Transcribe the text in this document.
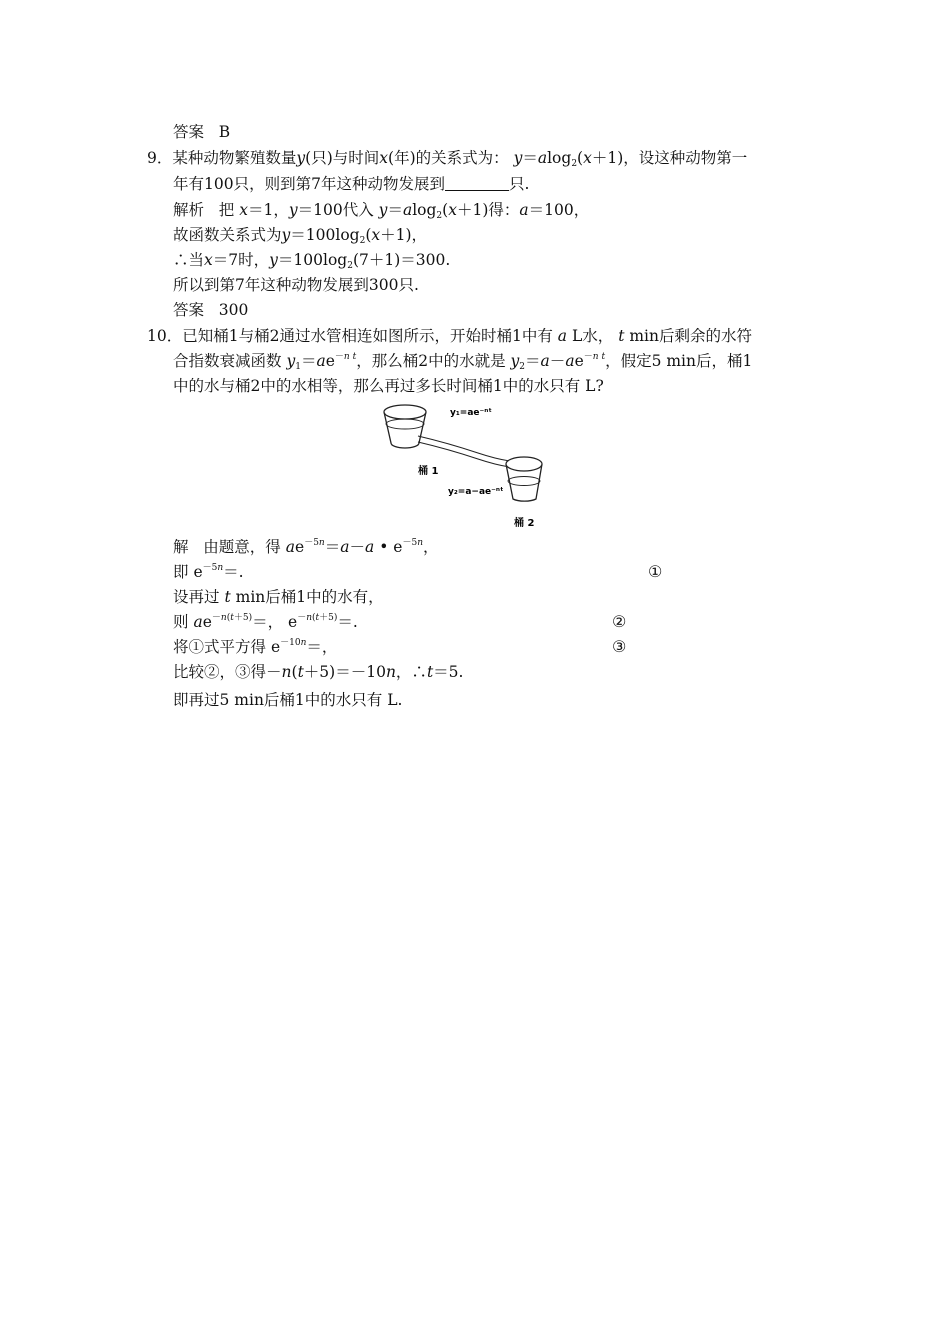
答案 B
9．某种动物繁殖数量y(只)与时间x(年)的关系式为： y＝alog$_2$(x＋1)，设这种动物第一
年有100只，则到第7年这种动物发展到	只.
解析 把 x＝1，y＝100代入 y＝alog$_2$(x＋1)得：a＝100，
故函数关系式为$y=100\log_2(x+1)$，
∴当x＝7时，$y=100\log_2(7+1)=300$.
所以到第7年这种动物发展到300只.
答案 300
10．已知桶1与桶2通过水管相连如图所示，开始时桶1中有 a L水， t min后剩余的水符
合指数衰减函数 $y_1=ae^{-n t}$，那么桶2中的水就是 $y_2=a-ae^{-n t}$，假定5 min后，桶1
中的水与桶2中的水相等，那么再过多长时间桶1中的水只有 L?
y₁=ae⁻ⁿᵗ
桶 1
y₂=a−ae⁻ⁿᵗ
桶 2
解 由题意，得 $ae^{-5n}=a-a$ • $e^{-5n}$，
即 $e^{-5n}=$.	①
设再过 t min后桶1中的水有，
则 $ae^{-n(t+5)}=$， $e^{-n(t+5)}=$.	②
将①式平方得 $e^{-10n}=$，	③
比较②，③得－n(t＋5)＝－10n，∴t＝5.
即再过5 min后桶1中的水只有 L.
